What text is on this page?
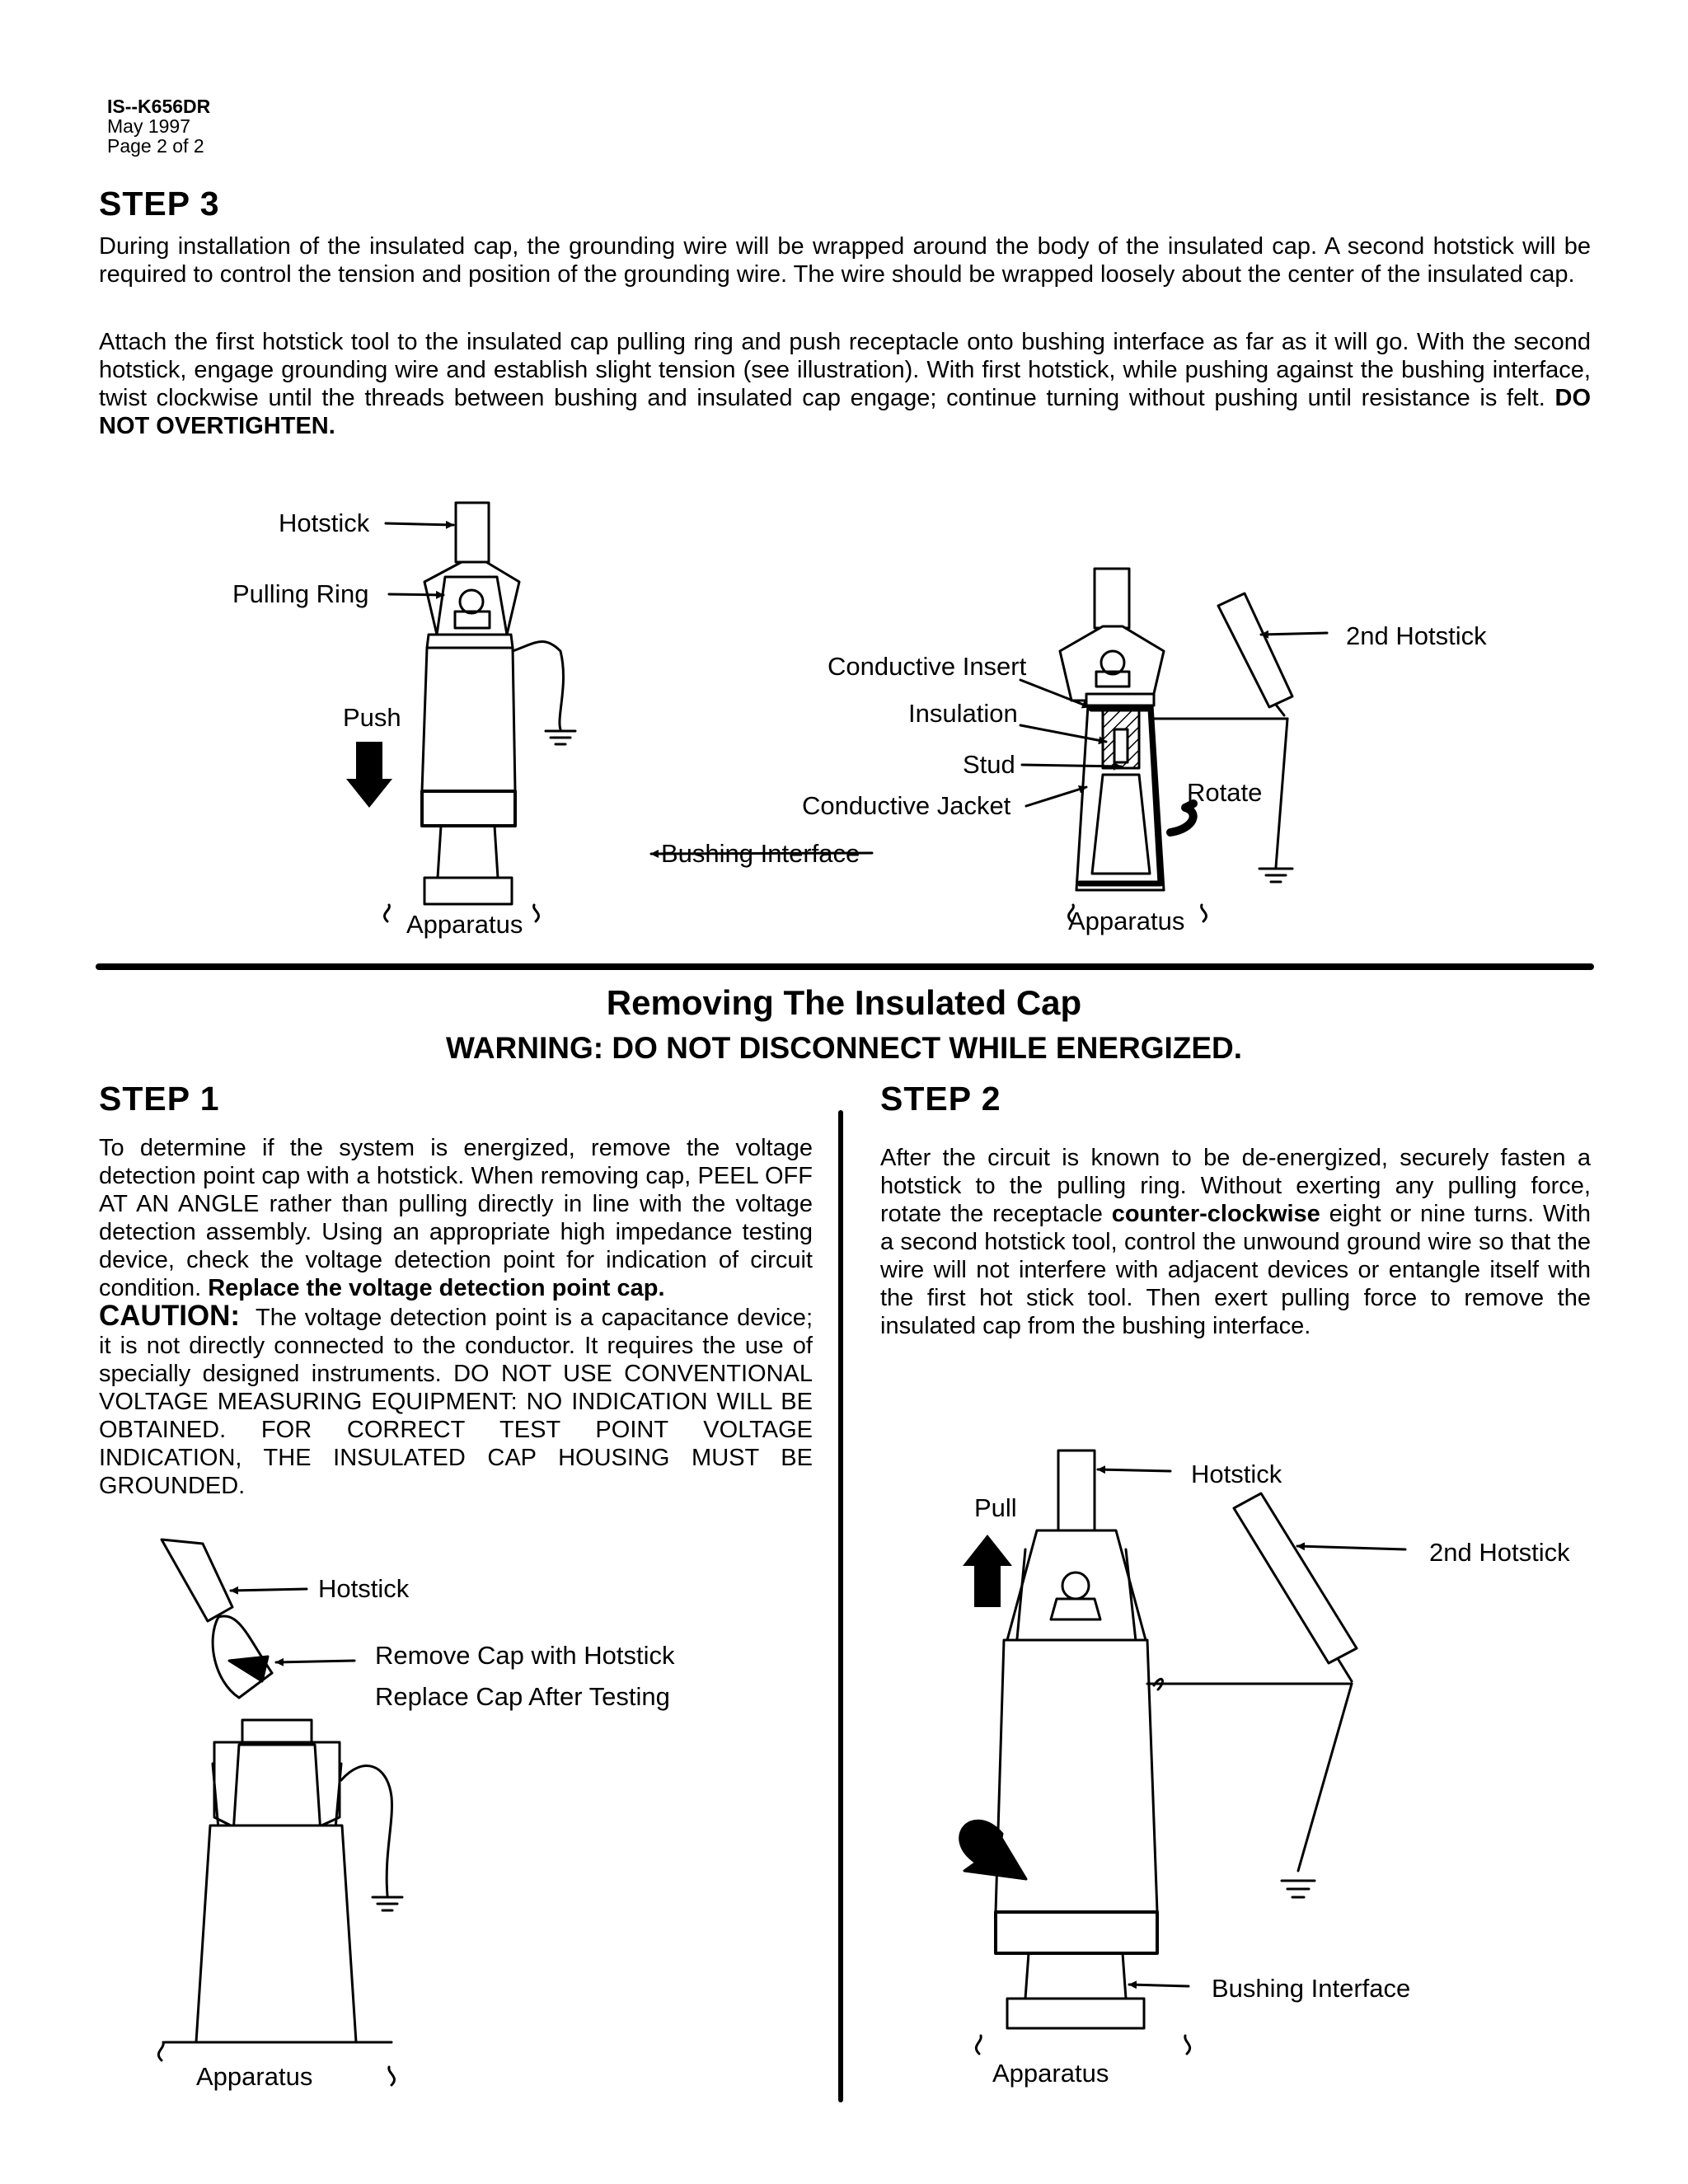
IS--K656DR
May 1997
Page 2 of 2
STEP 3
During installation of the insulated cap, the grounding wire will be wrapped around the body of the insulated cap. A second hotstick will be required to control the tension and position of the grounding wire. The wire should be wrapped loosely about the center of the insulated cap.
Attach the first hotstick tool to the insulated cap pulling ring and push receptacle onto bushing interface as far as it will go. With the second hotstick, engage grounding wire and establish slight tension (see illustration). With first hotstick, while pushing against the bushing interface, twist clockwise until the threads between bushing and insulated cap engage; continue turning without pushing until resistance is felt. DO NOT OVERTIGHTEN.
Hotstick
Pulling Ring
Push
Apparatus
Conductive Insert
Insulation
Stud
Conductive Jacket
Bushing Interface
2nd Hotstick
Rotate
Apparatus
Removing The Insulated Cap
WARNING: DO NOT DISCONNECT WHILE ENERGIZED.
STEP 1
To determine if the system is energized, remove the voltage detection point cap with a hotstick. When removing cap, PEEL OFF AT AN ANGLE rather than pulling directly in line with the voltage detection assembly. Using an appropriate high impedance testing device, check the voltage detection point for indication of circuit condition. Replace the voltage detection point cap.
CAUTION: The voltage detection point is a capacitance device; it is not directly connected to the conductor. It requires the use of specially designed instruments. DO NOT USE CONVENTIONAL VOLTAGE MEASURING EQUIPMENT: NO INDICATION WILL BE OBTAINED. FOR CORRECT TEST POINT VOLTAGE INDICATION, THE INSULATED CAP HOUSING MUST BE GROUNDED.
STEP 2
After the circuit is known to be de-energized, securely fasten a hotstick to the pulling ring. Without exerting any pulling force, rotate the receptacle counter-clockwise eight or nine turns. With a second hotstick tool, control the unwound ground wire so that the wire will not interfere with adjacent devices or entangle itself with the first hot stick tool. Then exert pulling force to remove the insulated cap from the bushing interface.
Hotstick
Remove Cap with Hotstick
Replace Cap After Testing
Apparatus
Hotstick
Pull
2nd Hotstick
Bushing Interface
Apparatus
